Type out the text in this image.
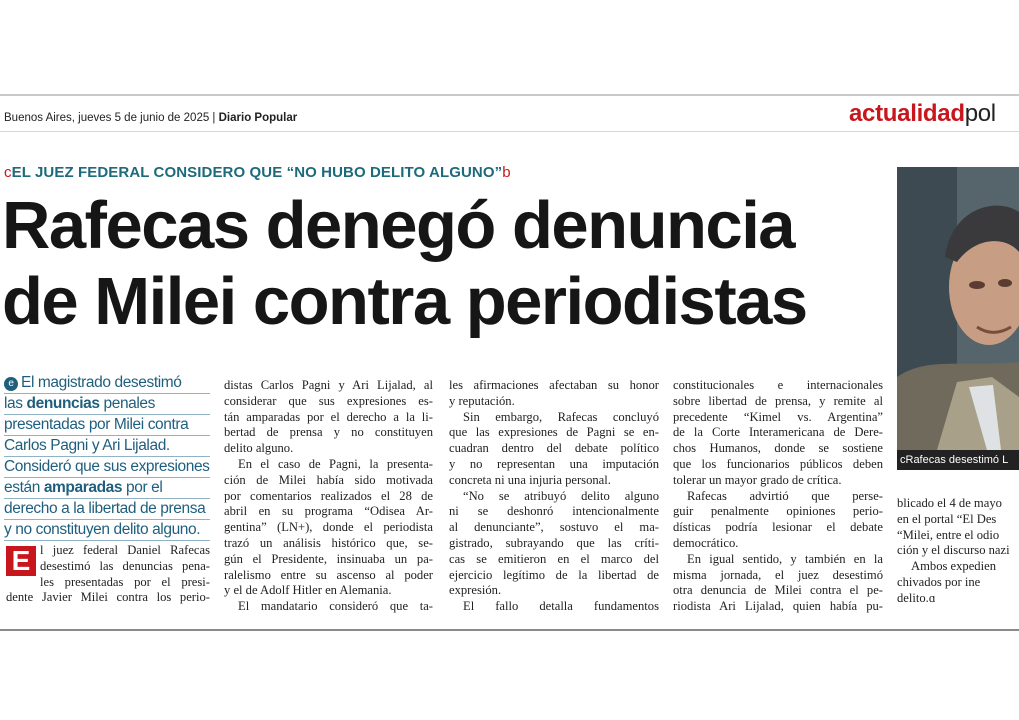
Buenos Aires, jueves 5 de junio de 2025 | Diario Popular	actualidadpol
cEL JUEZ FEDERAL CONSIDERO QUE “NO HUBO DELITO ALGUNO”b
Rafecas denegó denuncia
de Milei contra periodistas
cRafecas desestimó L
e El magistrado desestimó
las denuncias penales
presentadas por Milei contra
Carlos Pagni y Ari Lijalad.
Consideró que sus expresiones
están amparadas por el
derecho a la libertad de prensa
y no constituyen delito alguno.
E l juez federal Daniel Rafecas
desestimó las denuncias pena-
les presentadas por el presi-
dente Javier Milei contra los perio-
distas Carlos Pagni y Ari Lijalad, al
considerar que sus expresiones es-
tán amparadas por el derecho a la li-
bertad de prensa y no constituyen
delito alguno.
En el caso de Pagni, la presenta-
ción de Milei había sido motivada
por comentarios realizados el 28 de
abril en su programa “Odisea Ar-
gentina” (LN+), donde el periodista
trazó un análisis histórico que, se-
gún el Presidente, insinuaba un pa-
ralelismo entre su ascenso al poder
y el de Adolf Hitler en Alemania.
El mandatario consideró que ta-
les afirmaciones afectaban su honor
y reputación.
Sin embargo, Rafecas concluyó
que las expresiones de Pagni se en-
cuadran dentro del debate político
y no representan una imputación
concreta ni una injuria personal.
“No se atribuyó delito alguno
ni se deshonró intencionalmente
al denunciante”, sostuvo el ma-
gistrado, subrayando que las críti-
cas se emitieron en el marco del
ejercicio legítimo de la libertad de
expresión.
El fallo detalla fundamentos
constitucionales e internacionales
sobre libertad de prensa, y remite al
precedente “Kimel vs. Argentina”
de la Corte Interamericana de Dere-
chos Humanos, donde se sostiene
que los funcionarios públicos deben
tolerar un mayor grado de crítica.
Rafecas advirtió que perse-
guir penalmente opiniones perio-
dísticas podría lesionar el debate
democrático.
En igual sentido, y también en la
misma jornada, el juez desestimó
otra denuncia de Milei contra el pe-
riodista Ari Lijalad, quien había pu-
blicado el 4 de mayo
en el portal “El Des
“Milei, entre el odio
ción y el discurso nazi
Ambos expedien
chivados por ine
delito.ɑ
